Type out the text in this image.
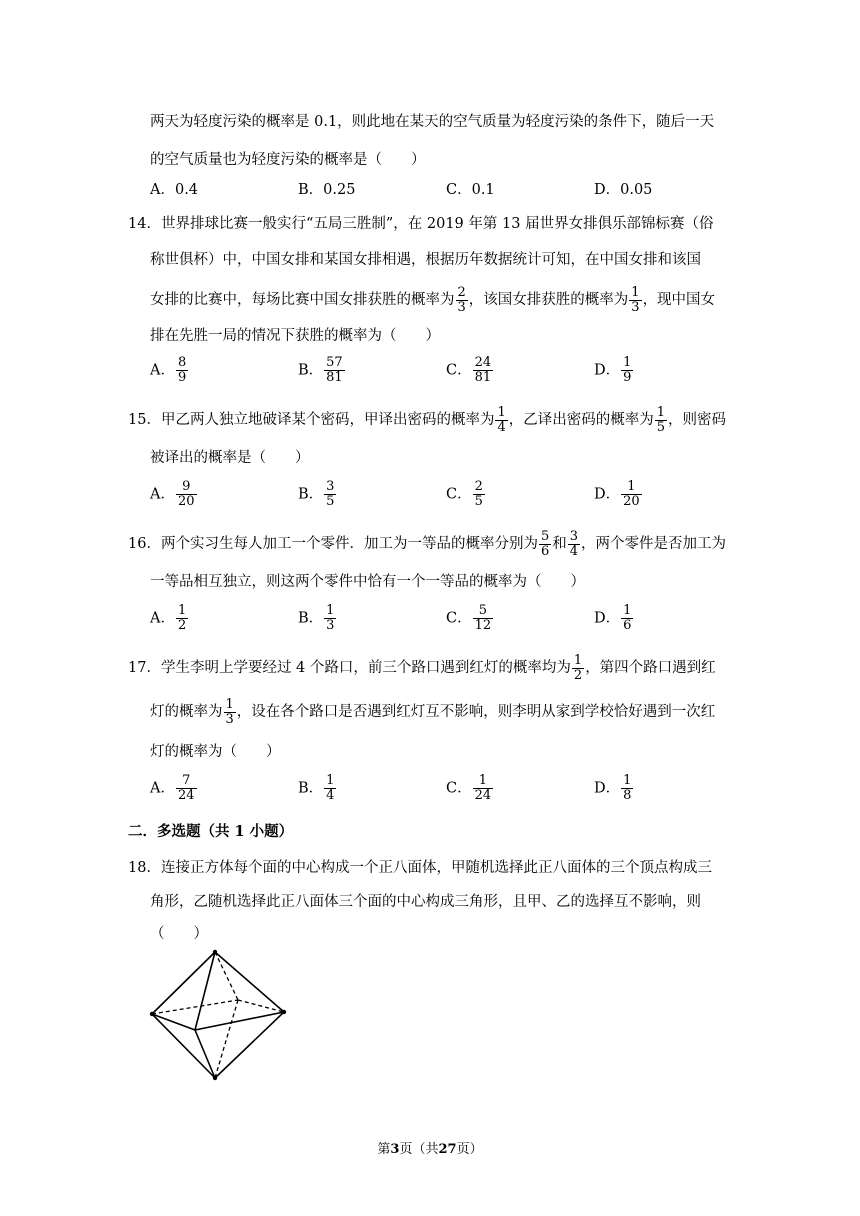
两天为轻度污染的概率是 0.1，则此地在某天的空气质量为轻度污染的条件下，随后一天
的空气质量也为轻度污染的概率是（　　）
A．0.4	B．0.25	C．0.1	D．0.05
14．世界排球比赛一般实行“五局三胜制”，在 2019 年第 13 届世界女排俱乐部锦标赛（俗
称世俱杯）中，中国女排和某国女排相遇，根据历年数据统计可知，在中国女排和该国
女排的比赛中，每场比赛中国女排获胜的概率为 $\frac{2}{3}$ ，该国女排获胜的概率为 $\frac{1}{3}$ ，现中国女
排在先胜一局的情况下获胜的概率为（　　）
A． $\frac{8}{9}$	B． $\frac{57}{81}$	C． $\frac{24}{81}$	D． $\frac{1}{9}$
15．甲乙两人独立地破译某个密码，甲译出密码的概率为 $\frac{1}{4}$ ，乙译出密码的概率为 $\frac{1}{5}$ ，则密码
被译出的概率是（　　）
A． $\frac{9}{20}$	B． $\frac{3}{5}$	C． $\frac{2}{5}$	D． $\frac{1}{20}$
16．两个实习生每人加工一个零件．加工为一等品的概率分别为 $\frac{5}{6}$ 和 $\frac{3}{4}$ ，两个零件是否加工为
一等品相互独立，则这两个零件中恰有一个一等品的概率为（　　）
A． $\frac{1}{2}$	B． $\frac{1}{3}$	C． $\frac{5}{12}$	D． $\frac{1}{6}$
17．学生李明上学要经过 4 个路口，前三个路口遇到红灯的概率均为 $\frac{1}{2}$ ，第四个路口遇到红
灯的概率为 $\frac{1}{3}$ ，设在各个路口是否遇到红灯互不影响，则李明从家到学校恰好遇到一次红
灯的概率为（　　）
A． $\frac{7}{24}$	B． $\frac{1}{4}$	C． $\frac{1}{24}$	D． $\frac{1}{8}$
二．多选题（共 1 小题）
18．连接正方体每个面的中心构成一个正八面体，甲随机选择此正八面体的三个顶点构成三
角形，乙随机选择此正八面体三个面的中心构成三角形，且甲、乙的选择互不影响，则
（　　）
第3页（共27页）
